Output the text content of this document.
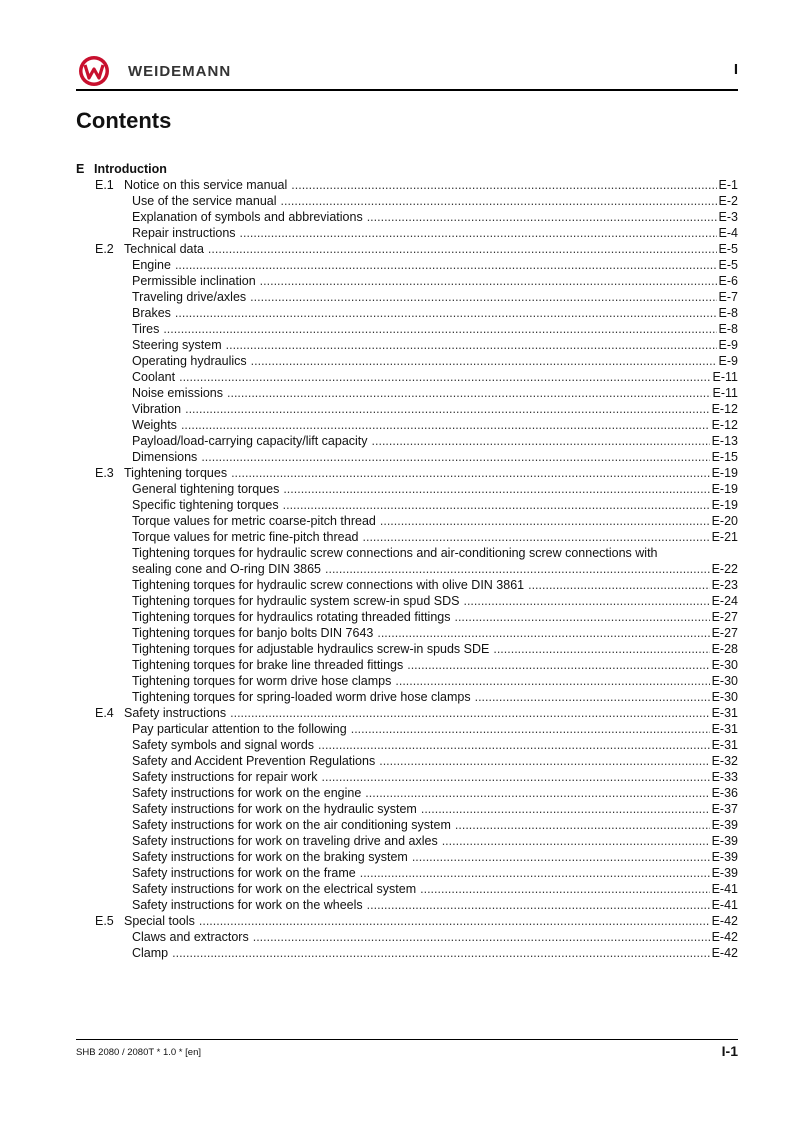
WEIDEMANN	I
Contents
E Introduction
E.1 Notice on this service manual .....	E-1
Use of the service manual .....	E-2
Explanation of symbols and abbreviations .....	E-3
Repair instructions .....	E-4
E.2 Technical data .....	E-5
Engine .....	E-5
Permissible inclination .....	E-6
Traveling drive/axles .....	E-7
Brakes .....	E-8
Tires .....	E-8
Steering system .....	E-9
Operating hydraulics .....	E-9
Coolant .....	E-11
Noise emissions .....	E-11
Vibration .....	E-12
Weights .....	E-12
Payload/load-carrying capacity/lift capacity .....	E-13
Dimensions .....	E-15
E.3 Tightening torques .....	E-19
General tightening torques .....	E-19
Specific tightening torques .....	E-19
Torque values for metric coarse-pitch thread .....	E-20
Torque values for metric fine-pitch thread .....	E-21
Tightening torques for hydraulic screw connections and air-conditioning screw connections with
sealing cone and O-ring DIN 3865 .....	E-22
Tightening torques for hydraulic screw connections with olive DIN 3861 .....	E-23
Tightening torques for hydraulic system screw-in spud SDS .....	E-24
Tightening torques for hydraulics rotating threaded fittings .....	E-27
Tightening torques for banjo bolts DIN 7643 .....	E-27
Tightening torques for adjustable hydraulics screw-in spuds SDE .....	E-28
Tightening torques for brake line threaded fittings .....	E-30
Tightening torques for worm drive hose clamps .....	E-30
Tightening torques for spring-loaded worm drive hose clamps .....	E-30
E.4 Safety instructions .....	E-31
Pay particular attention to the following .....	E-31
Safety symbols and signal words .....	E-31
Safety and Accident Prevention Regulations .....	E-32
Safety instructions for repair work .....	E-33
Safety instructions for work on the engine .....	E-36
Safety instructions for work on the hydraulic system .....	E-37
Safety instructions for work on the air conditioning system .....	E-39
Safety instructions for work on traveling drive and axles .....	E-39
Safety instructions for work on the braking system .....	E-39
Safety instructions for work on the frame .....	E-39
Safety instructions for work on the electrical system .....	E-41
Safety instructions for work on the wheels .....	E-41
E.5 Special tools .....	E-42
Claws and extractors .....	E-42
Clamp .....	E-42
SHB 2080 / 2080T * 1.0 * [en]	I-1
